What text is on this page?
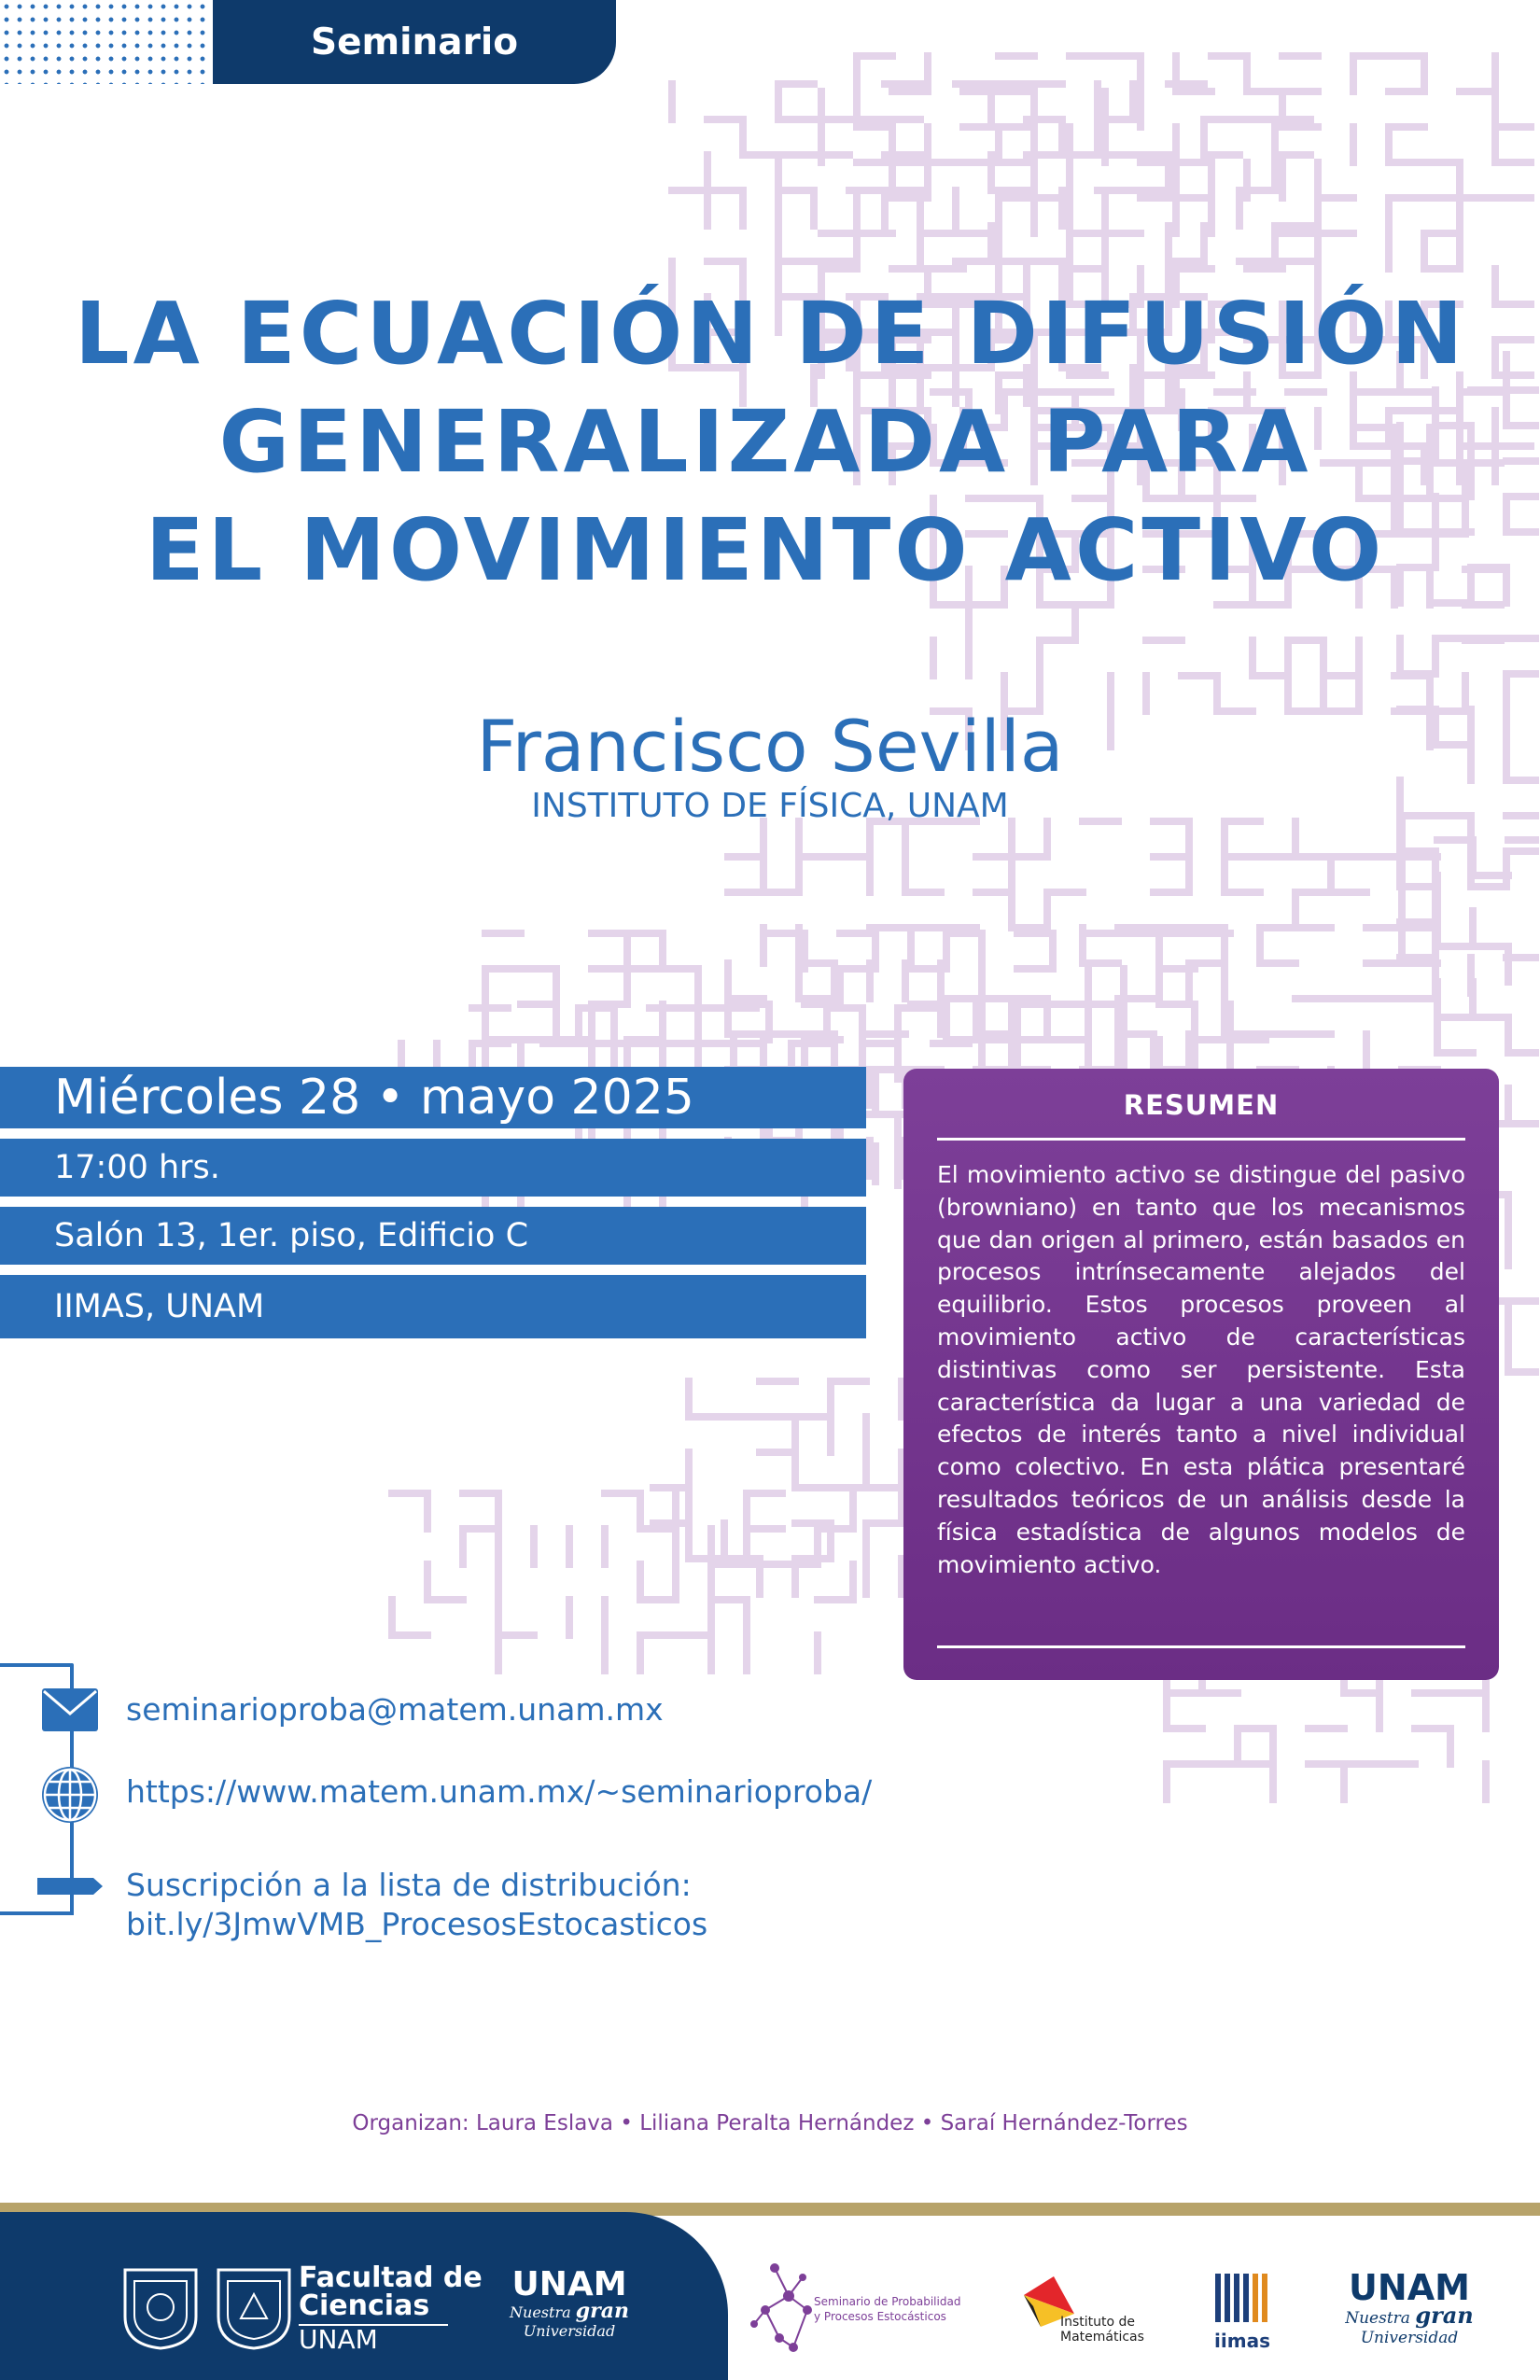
Seminario
LA ECUACIÓN DE DIFUSIÓN
GENERALIZADA PARA
EL MOVIMIENTO ACTIVO
Francisco Sevilla
INSTITUTO DE FÍSICA, UNAM
Miércoles 28 • mayo 2025
17:00 hrs.
Salón 13, 1er. piso, Edificio C
IIMAS, UNAM
RESUMEN
El movimiento activo se distingue del pasivo (browniano) en tanto que los mecanismos que dan origen al primero, están basados en procesos intrínsecamente alejados del equilibrio. Estos procesos proveen al movimiento activo de características distintivas como ser persistente. Esta característica da lugar a una variedad de efectos de interés tanto a nivel individual como colectivo. En esta plática presentaré resultados teóricos de un análisis desde la física estadística de algunos modelos de movimiento activo.
seminarioproba@matem.unam.mx
https://www.matem.unam.mx/~seminarioproba/
Suscripción a la lista de distribución:
bit.ly/3JmwVMB_ProcesosEstocasticos
Organizan: Laura Eslava • Liliana Peralta Hernández • Saraí Hernández-Torres
Facultad de
Ciencias
UNAM
UNAM
Nuestra gran
Universidad
Seminario de Probabilidad
y Procesos Estocásticos	Instituto de
Matemáticas	iimas
UNAM
Nuestra gran
Universidad
